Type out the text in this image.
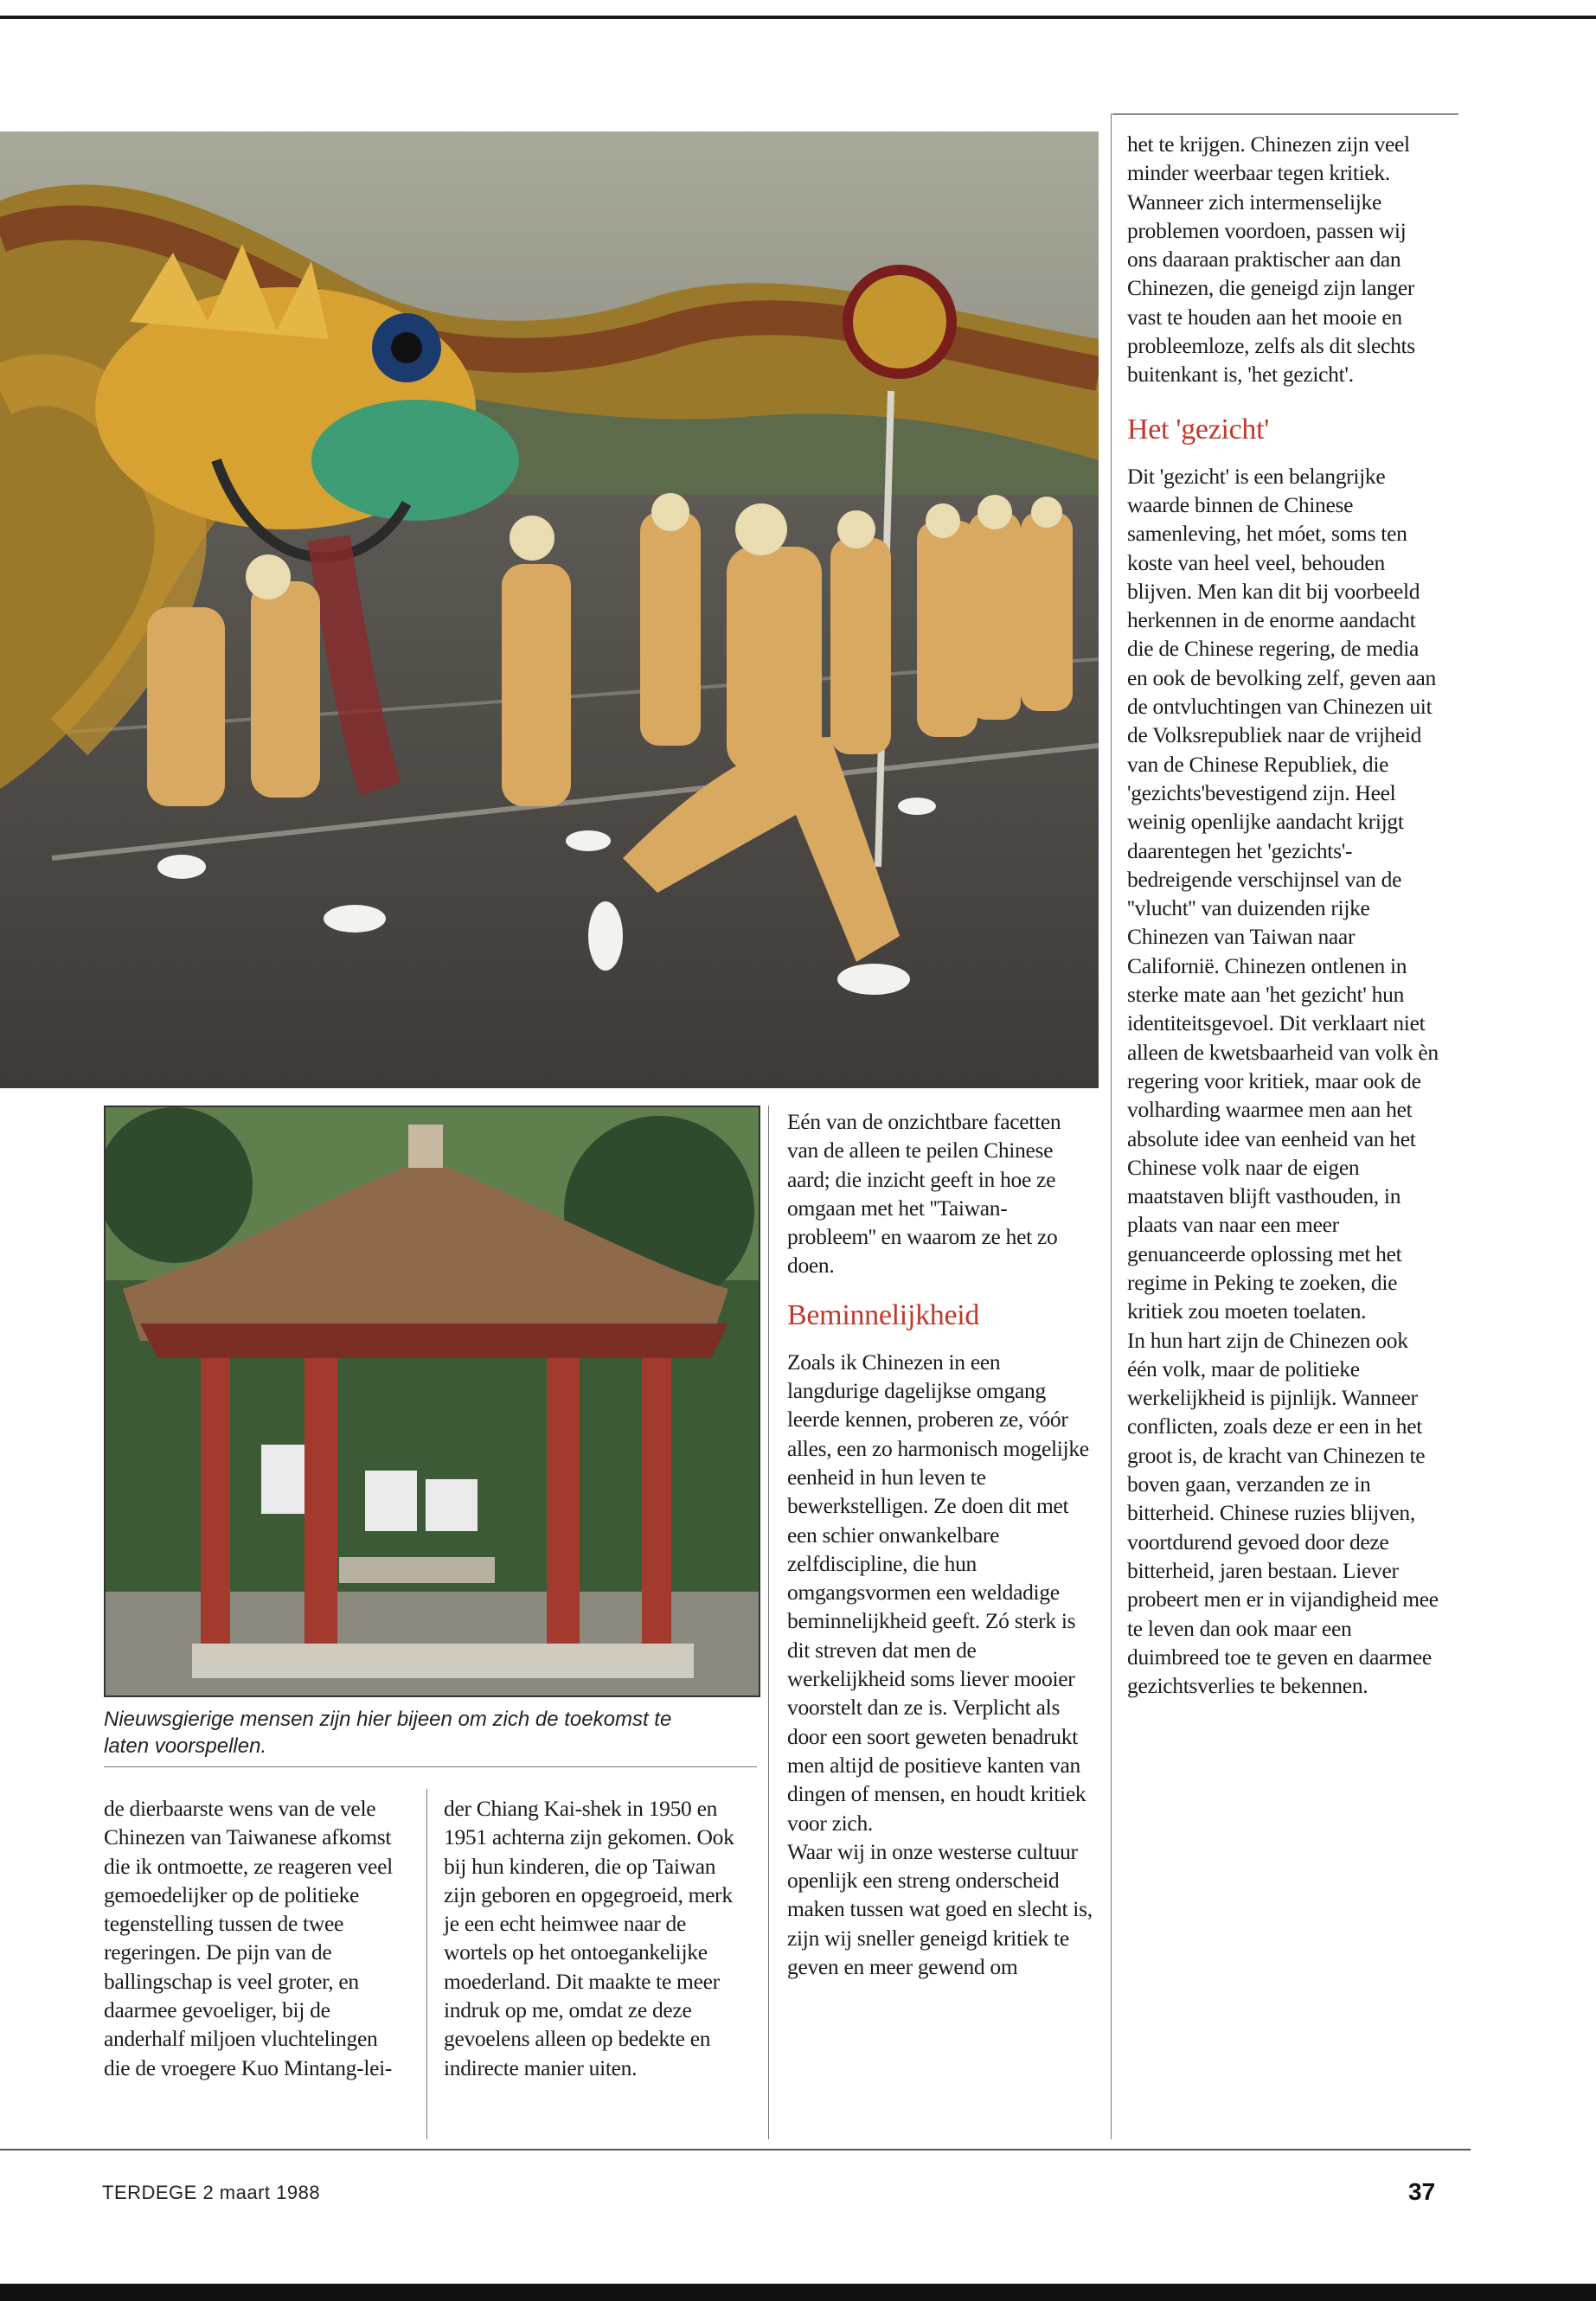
Nieuwsgierige mensen zijn hier bijeen om zich de toekomst te laten voorspellen.

de dierbaarste wens van de vele Chinezen van Taiwanese afkomst die ik ontmoette, ze reageren veel gemoedelijker op de politieke tegenstelling tussen de twee regeringen. De pijn van de ballingschap is veel groter, en daarmee gevoeliger, bij de anderhalf miljoen vluchtelingen die de vroegere Kuo Mintang-lei-

der Chiang Kai-shek in 1950 en 1951 achterna zijn gekomen. Ook bij hun kinderen, die op Taiwan zijn geboren en opgegroeid, merk je een echt heimwee naar de wortels op het ontoegankelijke moederland. Dit maakte te meer indruk op me, omdat ze deze gevoelens alleen op bedekte en indirecte manier uiten.

Eén van de onzichtbare facetten van de alleen te peilen Chinese aard; die inzicht geeft in hoe ze omgaan met het ''Taiwan-probleem'' en waarom ze het zo doen.

Beminnelijkheid

Zoals ik Chinezen in een langdurige dagelijkse omgang leerde kennen, proberen ze, vóór alles, een zo harmonisch mogelijke eenheid in hun leven te bewerkstelligen. Ze doen dit met een schier onwankelbare zelfdiscipline, die hun omgangsvormen een weldadige beminnelijkheid geeft. Zó sterk is dit streven dat men de werkelijkheid soms liever mooier voorstelt dan ze is. Verplicht als door een soort geweten benadrukt men altijd de positieve kanten van dingen of mensen, en houdt kritiek voor zich.

Waar wij in onze westerse cultuur openlijk een streng onderscheid maken tussen wat goed en slecht is, zijn wij sneller geneigd kritiek te geven en meer gewend om

het te krijgen. Chinezen zijn veel minder weerbaar tegen kritiek. Wanneer zich intermenselijke problemen voordoen, passen wij ons daaraan praktischer aan dan Chinezen, die geneigd zijn langer vast te houden aan het mooie en probleemloze, zelfs als dit slechts buitenkant is, 'het gezicht'.

Het 'gezicht'

Dit 'gezicht' is een belangrijke waarde binnen de Chinese samenleving, het móet, soms ten koste van heel veel, behouden blijven. Men kan dit bij voorbeeld herkennen in de enorme aandacht die de Chinese regering, de media en ook de bevolking zelf, geven aan de ontvluchtingen van Chinezen uit de Volksrepubliek naar de vrijheid van de Chinese Republiek, die 'gezichts'bevestigend zijn. Heel weinig openlijke aandacht krijgt daarentegen het 'gezichts'-bedreigende verschijnsel van de ''vlucht'' van duizenden rijke Chinezen van Taiwan naar Californië. Chinezen ontlenen in sterke mate aan 'het gezicht' hun identiteitsgevoel. Dit verklaart niet alleen de kwetsbaarheid van volk èn regering voor kritiek, maar ook de volharding waarmee men aan het absolute idee van eenheid van het Chinese volk naar de eigen maatstaven blijft vasthouden, in plaats van naar een meer genuanceerde oplossing met het regime in Peking te zoeken, die kritiek zou moeten toelaten.

In hun hart zijn de Chinezen ook één volk, maar de politieke werkelijkheid is pijnlijk. Wanneer conflicten, zoals deze er een in het groot is, de kracht van Chinezen te boven gaan, verzanden ze in bitterheid. Chinese ruzies blijven, voortdurend gevoed door deze bitterheid, jaren bestaan. Liever probeert men er in vijandigheid mee te leven dan ook maar een duimbreed toe te geven en daarmee gezichtsverlies te bekennen.

TERDEGE 2 maart 1988	37
